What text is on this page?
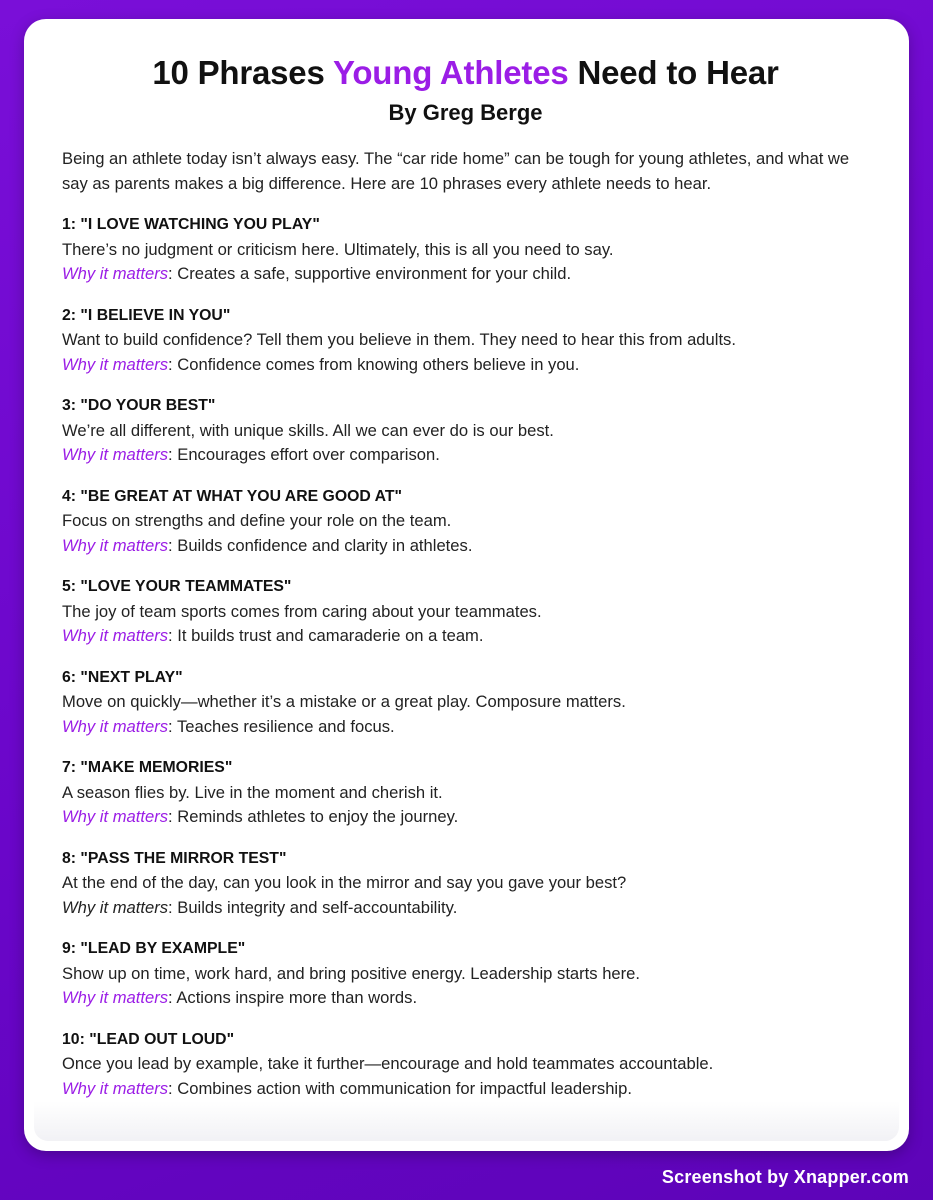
10 Phrases Young Athletes Need to Hear
By Greg Berge

Being an athlete today isn’t always easy. The “car ride home” can be tough for young athletes, and what we say as parents makes a big difference. Here are 10 phrases every athlete needs to hear.

1: "I LOVE WATCHING YOU PLAY"

There’s no judgment or criticism here. Ultimately, this is all you need to say.

Why it matters: Creates a safe, supportive environment for your child.

2: "I BELIEVE IN YOU"

Want to build confidence? Tell them you believe in them. They need to hear this from adults.

Why it matters: Confidence comes from knowing others believe in you.

3: "DO YOUR BEST"

We’re all different, with unique skills. All we can ever do is our best.

Why it matters: Encourages effort over comparison.

4: "BE GREAT AT WHAT YOU ARE GOOD AT"

Focus on strengths and define your role on the team.

Why it matters: Builds confidence and clarity in athletes.

5: "LOVE YOUR TEAMMATES"

The joy of team sports comes from caring about your teammates.

Why it matters: It builds trust and camaraderie on a team.

6: "NEXT PLAY"

Move on quickly—whether it’s a mistake or a great play. Composure matters.

Why it matters: Teaches resilience and focus.

7: "MAKE MEMORIES"

A season flies by. Live in the moment and cherish it.

Why it matters: Reminds athletes to enjoy the journey.

8: "PASS THE MIRROR TEST"

At the end of the day, can you look in the mirror and say you gave your best?

Why it matters: Builds integrity and self-accountability.

9: "LEAD BY EXAMPLE"

Show up on time, work hard, and bring positive energy. Leadership starts here.

Why it matters: Actions inspire more than words.

10: "LEAD OUT LOUD"

Once you lead by example, take it further—encourage and hold teammates accountable.

Why it matters: Combines action with communication for impactful leadership.

Screenshot by Xnapper.com
